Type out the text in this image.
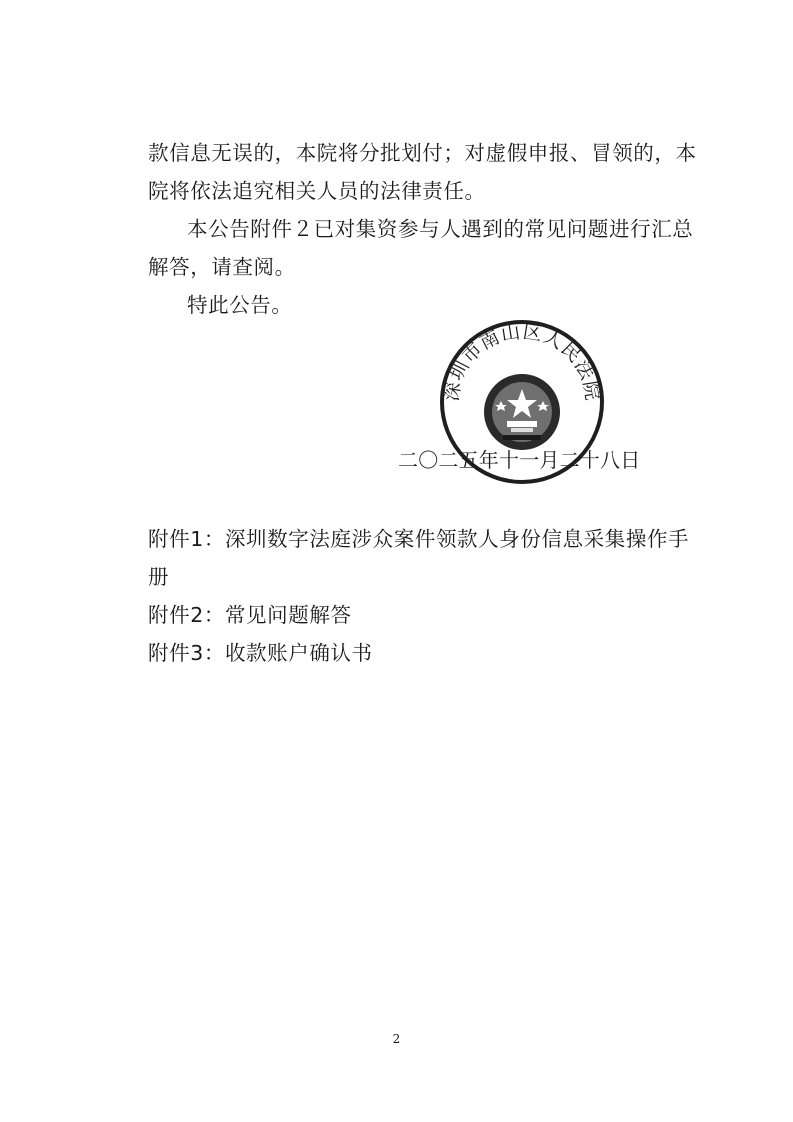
款信息无误的，本院将分批划付；对虚假申报、冒领的，本
院将依法追究相关人员的法律责任。
本公告附件２已对集资参与人遇到的常见问题进行汇总
解答，请查阅。
特此公告。
深圳市南山区人民法院
二〇二五年十一月二十八日
附件1：深圳数字法庭涉众案件领款人身份信息采集操作手
册
附件2：常见问题解答
附件3：收款账户确认书
2
